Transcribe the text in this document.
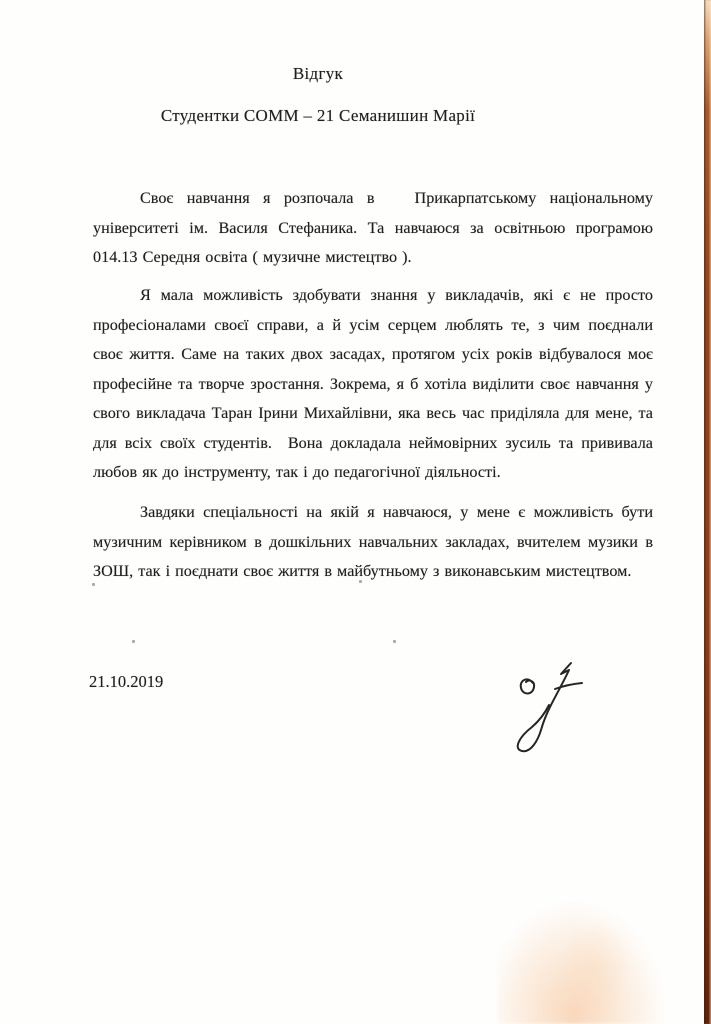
Відгук
Студентки СОММ – 21 Семанишин Марії
Своє навчання я розпочала в   Прикарпатському національному
університеті ім. Василя Стефаника. Та навчаюся за освітньою програмою
014.13 Середня освіта ( музичне мистецтво ).
Я мала можливість здобувати знання у викладачів, які є не просто
професіоналами своєї справи, а й усім серцем люблять те, з чим поєднали
своє життя. Саме на таких двох засадах, протягом усіх років відбувалося моє
професійне та творче зростання. Зокрема, я б хотіла виділити своє навчання у
свого викладача Таран Ірини Михайлівни, яка весь час приділяла для мене, та
для всіх своїх студентів.  Вона докладала неймовірних зусиль та прививала
любов як до інструменту, так і до педагогічної діяльності.
Завдяки спеціальності на якій я навчаюся, у мене є можливість бути
музичним керівником в дошкільних навчальних закладах, вчителем музики в
ЗОШ, так і поєднати своє життя в майбутньому з виконавським мистецтвом.
21.10.2019
